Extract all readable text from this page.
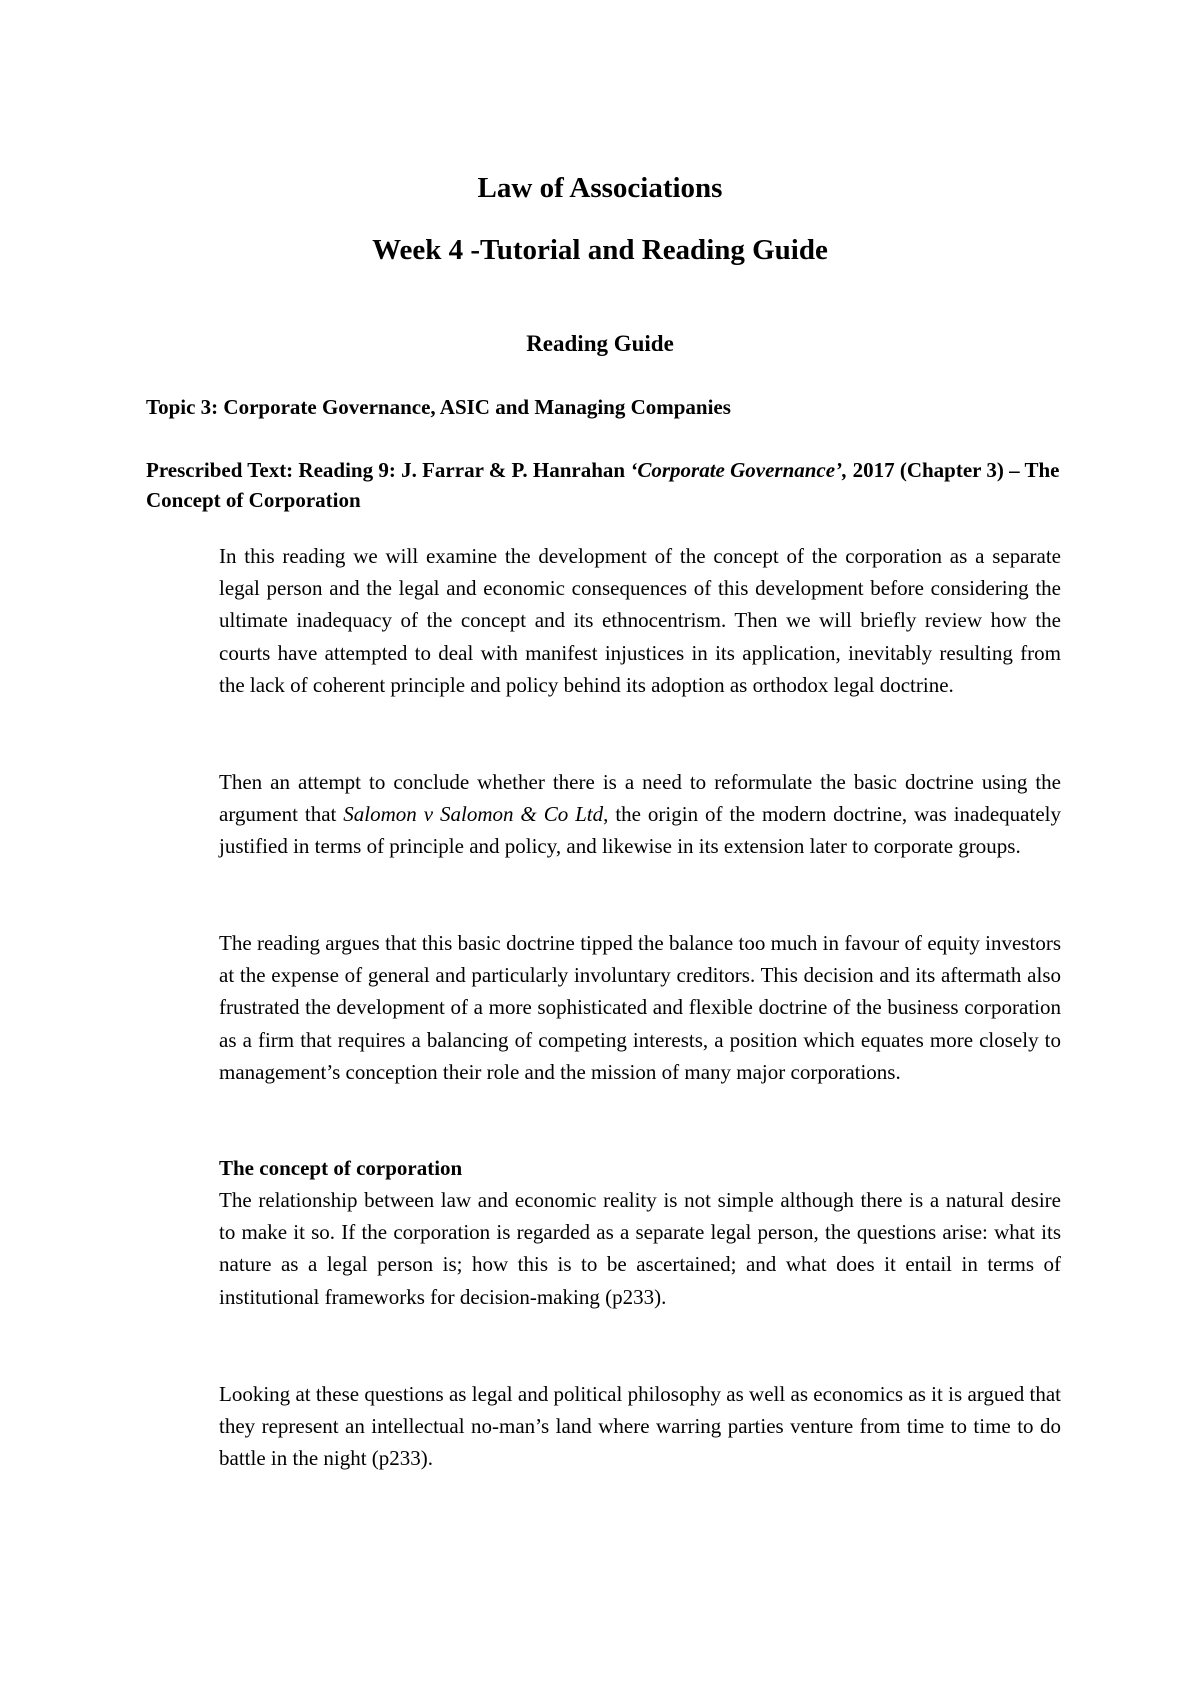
Law of Associations
Week 4 -Tutorial and Reading Guide
Reading Guide

Topic 3: Corporate Governance, ASIC and Managing Companies

Prescribed Text: Reading 9: J. Farrar & P. Hanrahan ‘Corporate Governance’, 2017 (Chapter 3) – The Concept of Corporation

In this reading we will examine the development of the concept of the corporation as a separate legal person and the legal and economic consequences of this development before considering the ultimate inadequacy of the concept and its ethnocentrism. Then we will briefly review how the courts have attempted to deal with manifest injustices in its application, inevitably resulting from the lack of coherent principle and policy behind its adoption as orthodox legal doctrine.

Then an attempt to conclude whether there is a need to reformulate the basic doctrine using the argument that Salomon v Salomon & Co Ltd, the origin of the modern doctrine, was inadequately justified in terms of principle and policy, and likewise in its extension later to corporate groups.

The reading argues that this basic doctrine tipped the balance too much in favour of equity investors at the expense of general and particularly involuntary creditors. This decision and its aftermath also frustrated the development of a more sophisticated and flexible doctrine of the business corporation as a firm that requires a balancing of competing interests, a position which equates more closely to management’s conception their role and the mission of many major corporations.

The concept of corporation

The relationship between law and economic reality is not simple although there is a natural desire to make it so. If the corporation is regarded as a separate legal person, the questions arise: what its nature as a legal person is; how this is to be ascertained; and what does it entail in terms of institutional frameworks for decision-making (p233).

Looking at these questions as legal and political philosophy as well as economics as it is argued that they represent an intellectual no-man’s land where warring parties venture from time to time to do battle in the night (p233).
